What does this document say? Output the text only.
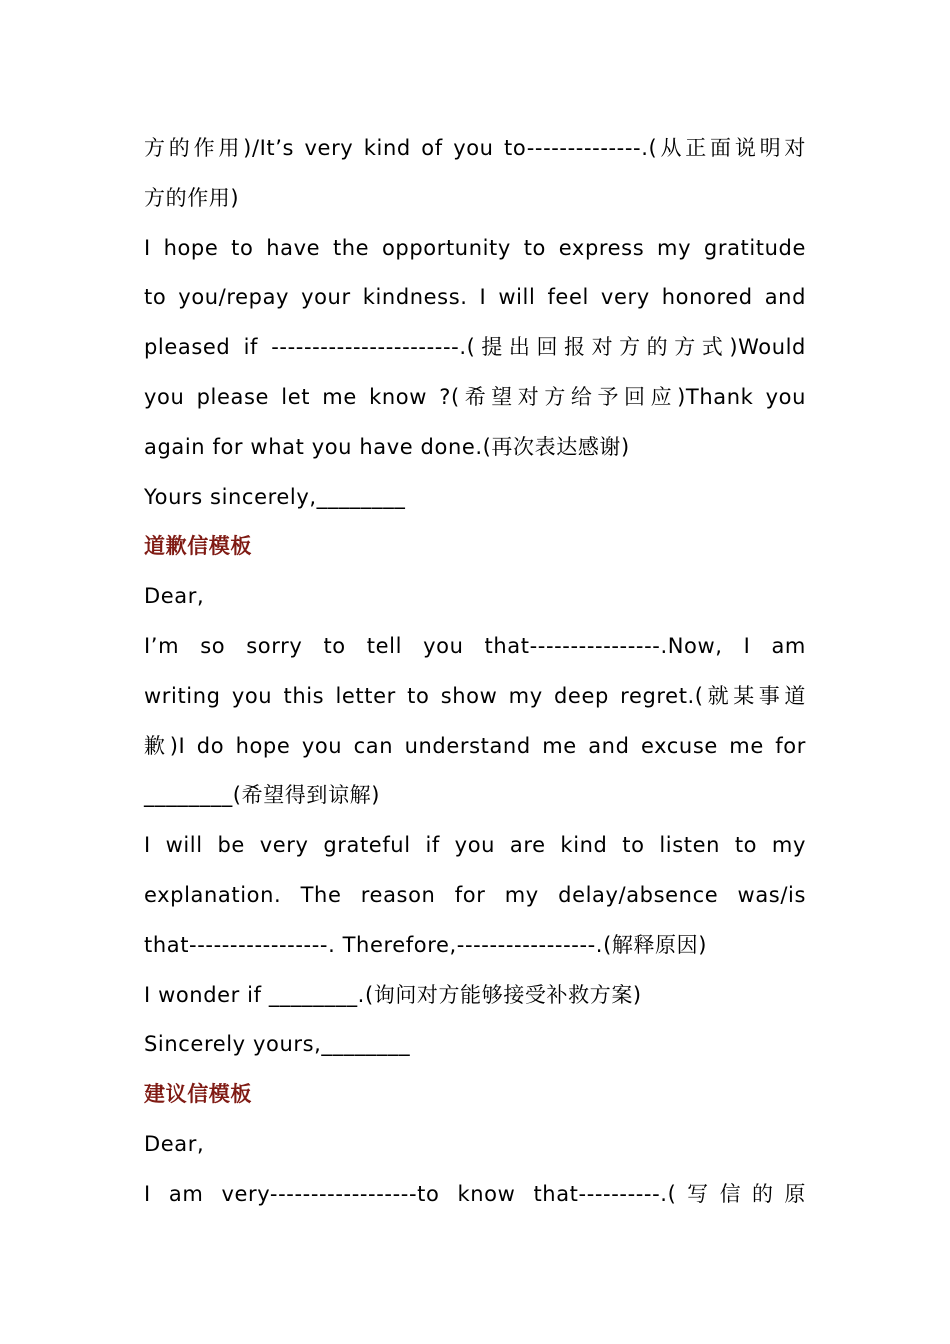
方的作用)/It’s very kind of you to--------------.(从正面说明对
方的作用)
I hope to have the opportunity to express my gratitude
to you/repay your kindness. I will feel very honored and
pleased if -----------------------.(提出回报对方的方式)Would
you please let me know ?(希望对方给予回应)Thank you
again for what you have done.(再次表达感谢)
Yours sincerely,________
道歉信模板
Dear,
I’m so sorry to tell you that----------------.Now, I am
writing you this letter to show my deep regret.(就某事道
歉)I do hope you can understand me and excuse me for
________(希望得到谅解)
I will be very grateful if you are kind to listen to my
explanation. The reason for my delay/absence was/is
that-----------------. Therefore,-----------------.(解释原因)
I wonder if ________.(询问对方能够接受补救方案)
Sincerely yours,________
建议信模板
Dear,
I am very------------------to know that----------.(写信的原
